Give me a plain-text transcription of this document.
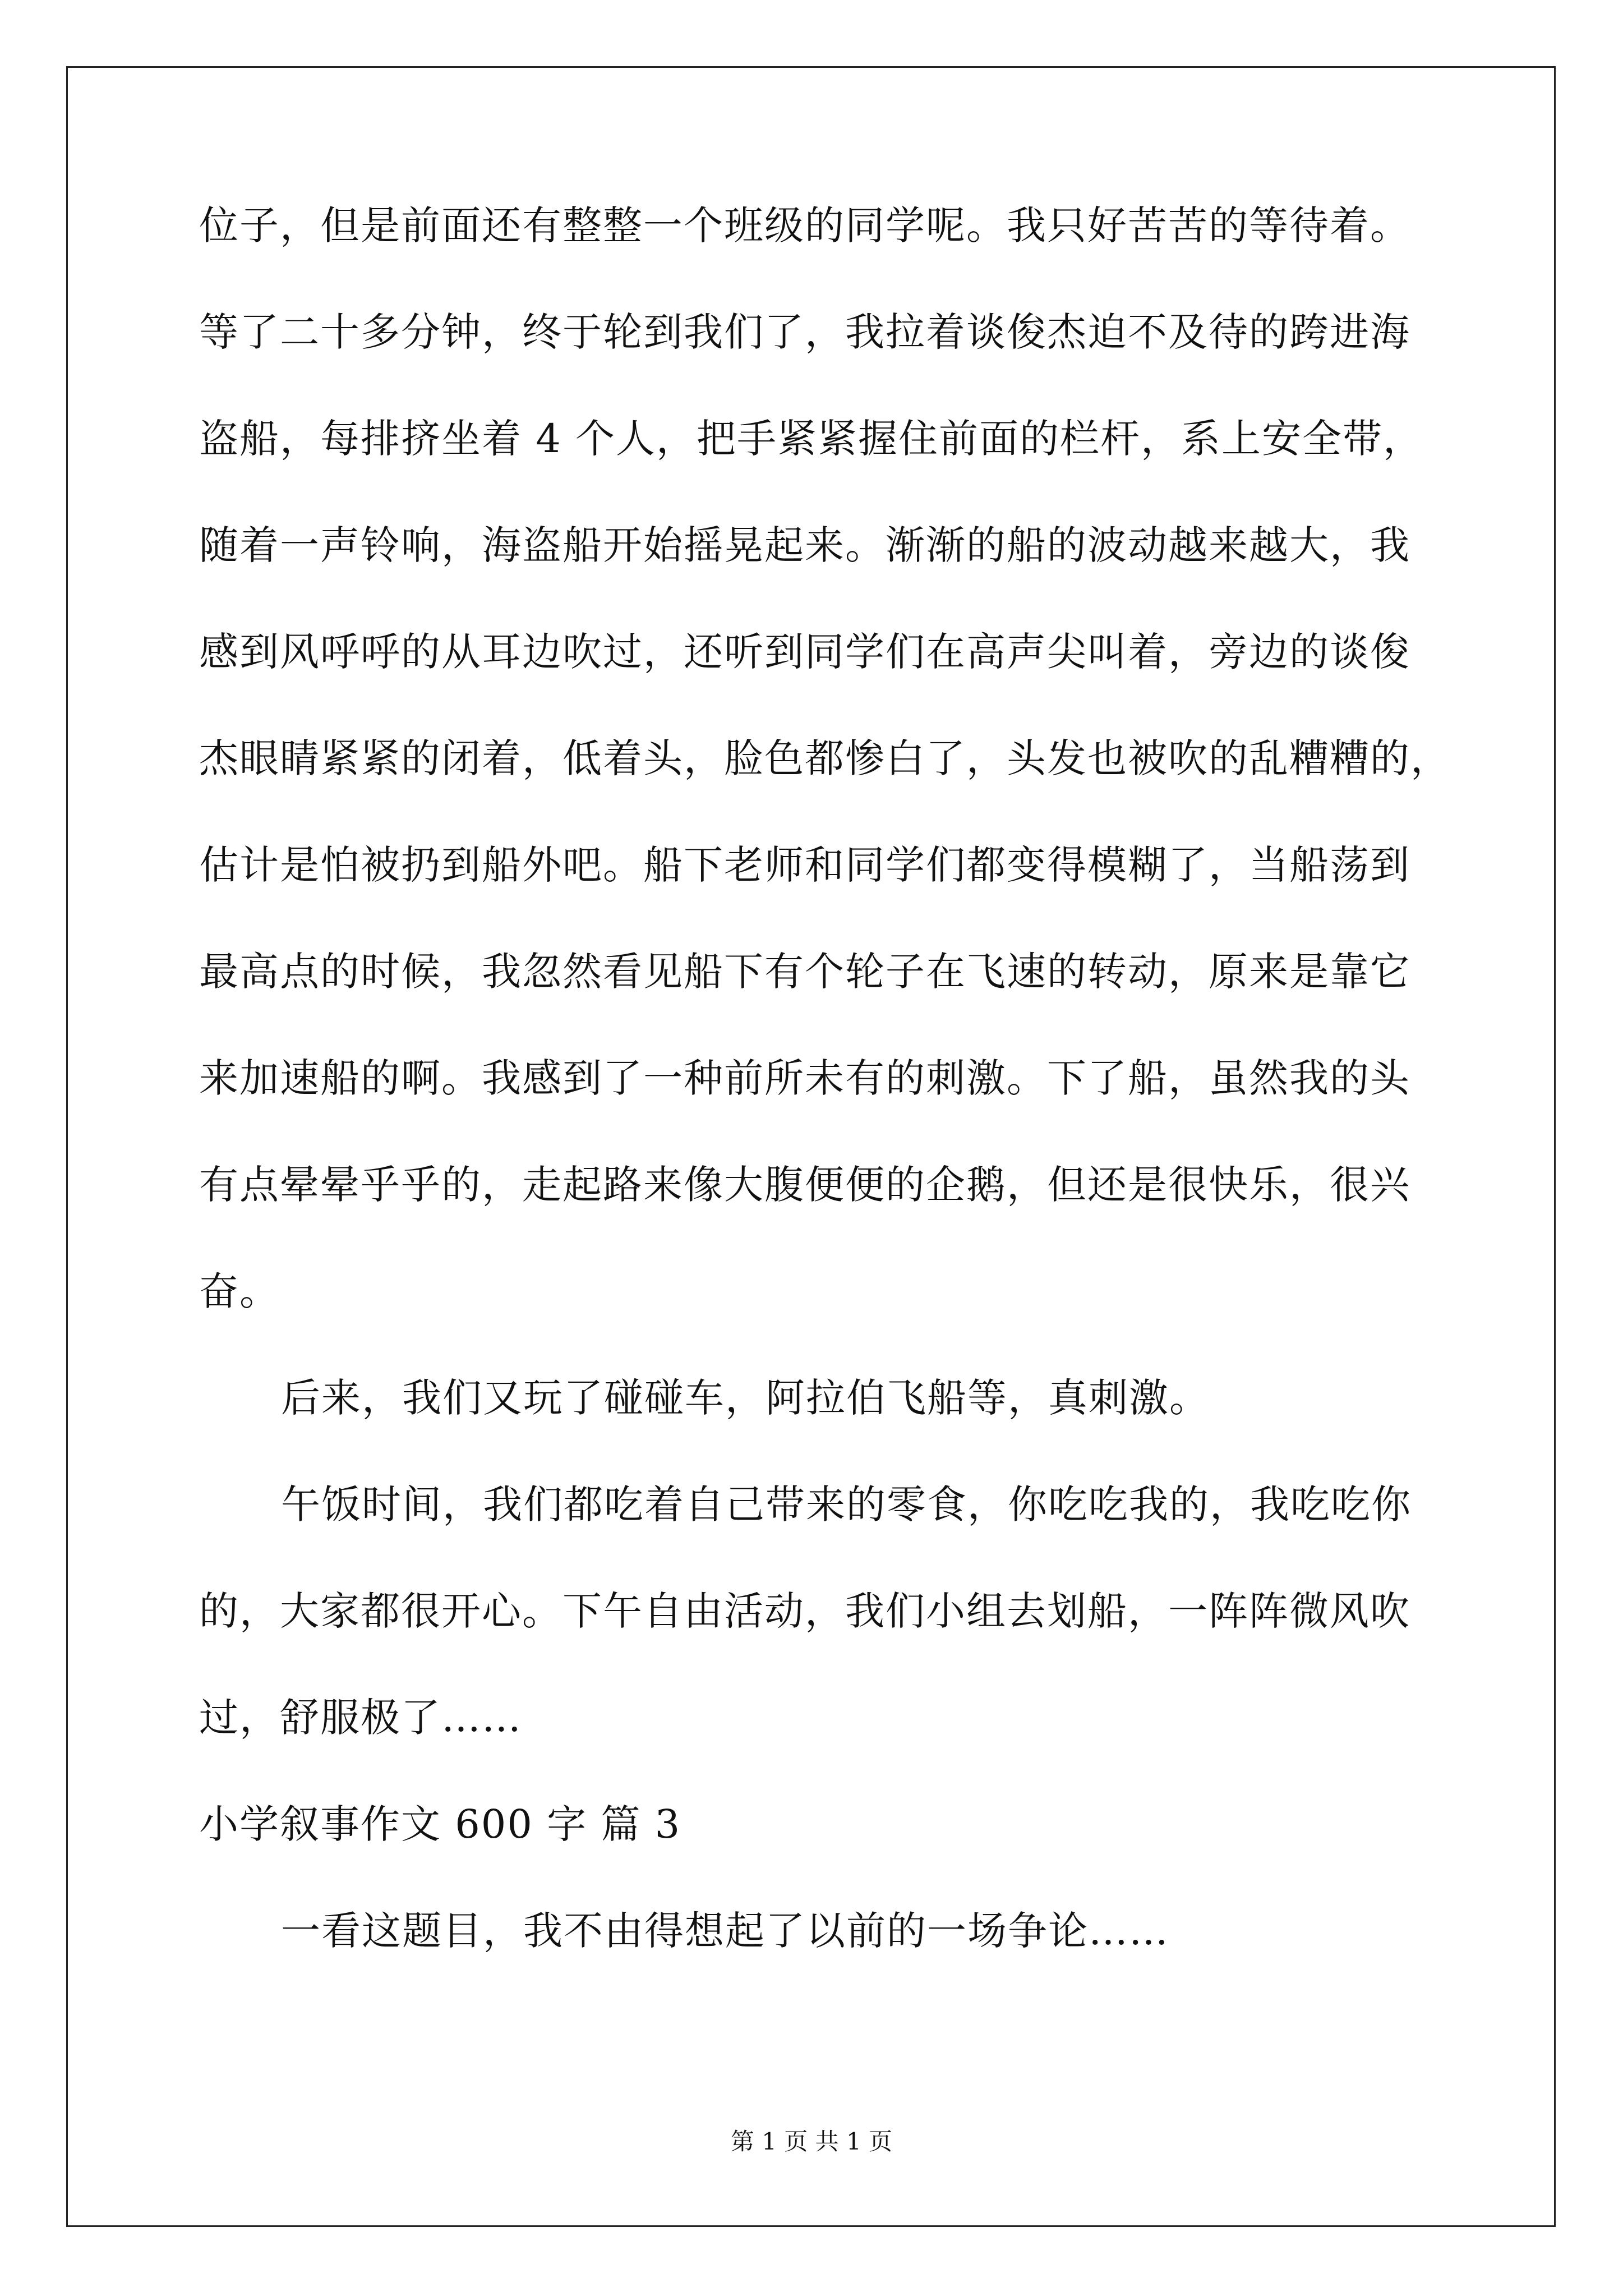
位子，但是前面还有整整一个班级的同学呢。我只好苦苦的等待着。
等了二十多分钟，终于轮到我们了，我拉着谈俊杰迫不及待的跨进海
盗船，每排挤坐着 4 个人，把手紧紧握住前面的栏杆，系上安全带，
随着一声铃响，海盗船开始摇晃起来。渐渐的船的波动越来越大，我
感到风呼呼的从耳边吹过，还听到同学们在高声尖叫着，旁边的谈俊
杰眼睛紧紧的闭着，低着头，脸色都惨白了，头发也被吹的乱糟糟的，
估计是怕被扔到船外吧。船下老师和同学们都变得模糊了，当船荡到
最高点的时候，我忽然看见船下有个轮子在飞速的转动，原来是靠它
来加速船的啊。我感到了一种前所未有的刺激。下了船，虽然我的头
有点晕晕乎乎的，走起路来像大腹便便的企鹅，但还是很快乐，很兴
奋。
后来，我们又玩了碰碰车，阿拉伯飞船等，真刺激。
午饭时间，我们都吃着自己带来的零食，你吃吃我的，我吃吃你
的，大家都很开心。下午自由活动，我们小组去划船，一阵阵微风吹
过，舒服极了……
小学叙事作文 600 字 篇 3
一看这题目，我不由得想起了以前的一场争论……
第 1 页 共 1 页
